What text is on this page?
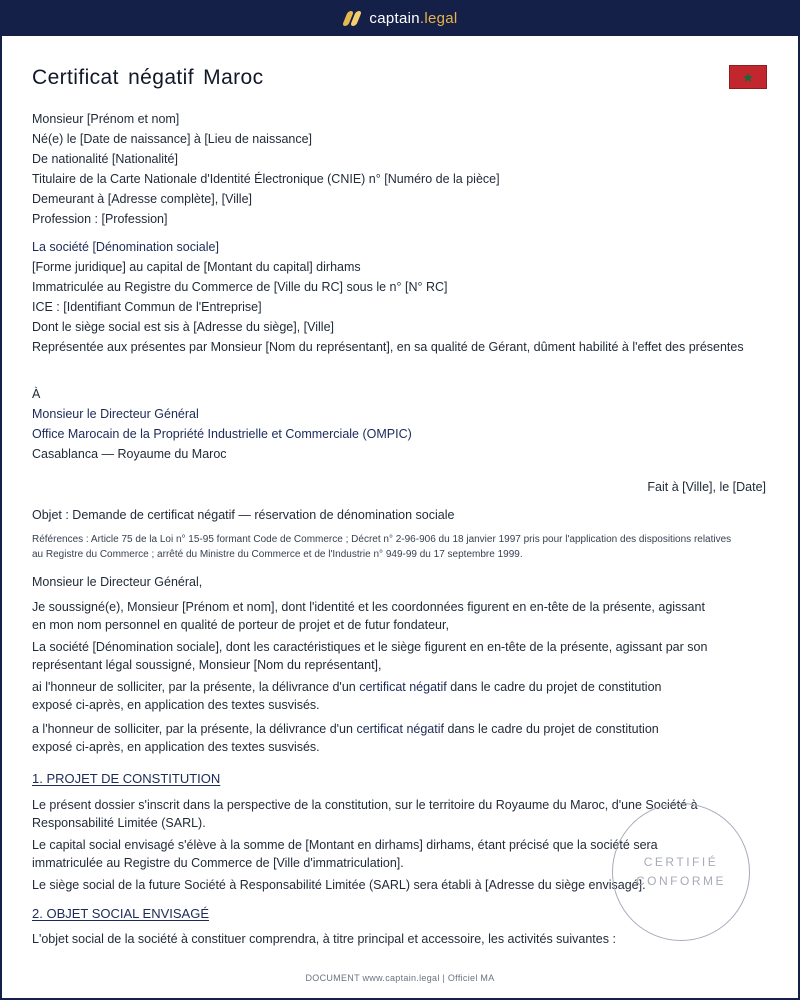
captain.legal
Certificat négatif Maroc	★
Monsieur [Prénom et nom]
Né(e) le [Date de naissance] à [Lieu de naissance]
De nationalité [Nationalité]
Titulaire de la Carte Nationale d'Identité Électronique (CNIE) n° [Numéro de la pièce]
Demeurant à [Adresse complète], [Ville]
Profession : [Profession]
La société [Dénomination sociale]
[Forme juridique] au capital de [Montant du capital] dirhams
Immatriculée au Registre du Commerce de [Ville du RC] sous le n° [N° RC]
ICE : [Identifiant Commun de l'Entreprise]
Dont le siège social est sis à [Adresse du siège], [Ville]
Représentée aux présentes par Monsieur [Nom du représentant], en sa qualité de Gérant, dûment habilité à l'effet des présentes
À
Monsieur le Directeur Général
Office Marocain de la Propriété Industrielle et Commerciale (OMPIC)
Casablanca — Royaume du Maroc
Fait à [Ville], le [Date]
Objet : Demande de certificat négatif — réservation de dénomination sociale
Références : Article 75 de la Loi n° 15-95 formant Code de Commerce ; Décret n° 2-96-906 du 18 janvier 1997 pris pour l'application des dispositions relatives au Registre du Commerce ; arrêté du Ministre du Commerce et de l'Industrie n° 949-99 du 17 septembre 1999.
Monsieur le Directeur Général,
Je soussigné(e), Monsieur [Prénom et nom], dont l'identité et les coordonnées figurent en en-tête de la présente, agissant en mon nom personnel en qualité de porteur de projet et de futur fondateur,
La société [Dénomination sociale], dont les caractéristiques et le siège figurent en en-tête de la présente, agissant par son représentant légal soussigné, Monsieur [Nom du représentant],
ai l'honneur de solliciter, par la présente, la délivrance d'un certificat négatif dans le cadre du projet de constitution exposé ci-après, en application des textes susvisés.
a l'honneur de solliciter, par la présente, la délivrance d'un certificat négatif dans le cadre du projet de constitution exposé ci-après, en application des textes susvisés.
1. PROJET DE CONSTITUTION
Le présent dossier s'inscrit dans la perspective de la constitution, sur le territoire du Royaume du Maroc, d'une Société à Responsabilité Limitée (SARL).
Le capital social envisagé s'élève à la somme de [Montant en dirhams] dirhams, étant précisé que la société sera immatriculée au Registre du Commerce de [Ville d'immatriculation].
Le siège social de la future Société à Responsabilité Limitée (SARL) sera établi à [Adresse du siège envisagé].
2. OBJET SOCIAL ENVISAGÉ
L'objet social de la société à constituer comprendra, à titre principal et accessoire, les activités suivantes :
CERTIFIÉ
CONFORME
DOCUMENT www.captain.legal | Officiel MA
